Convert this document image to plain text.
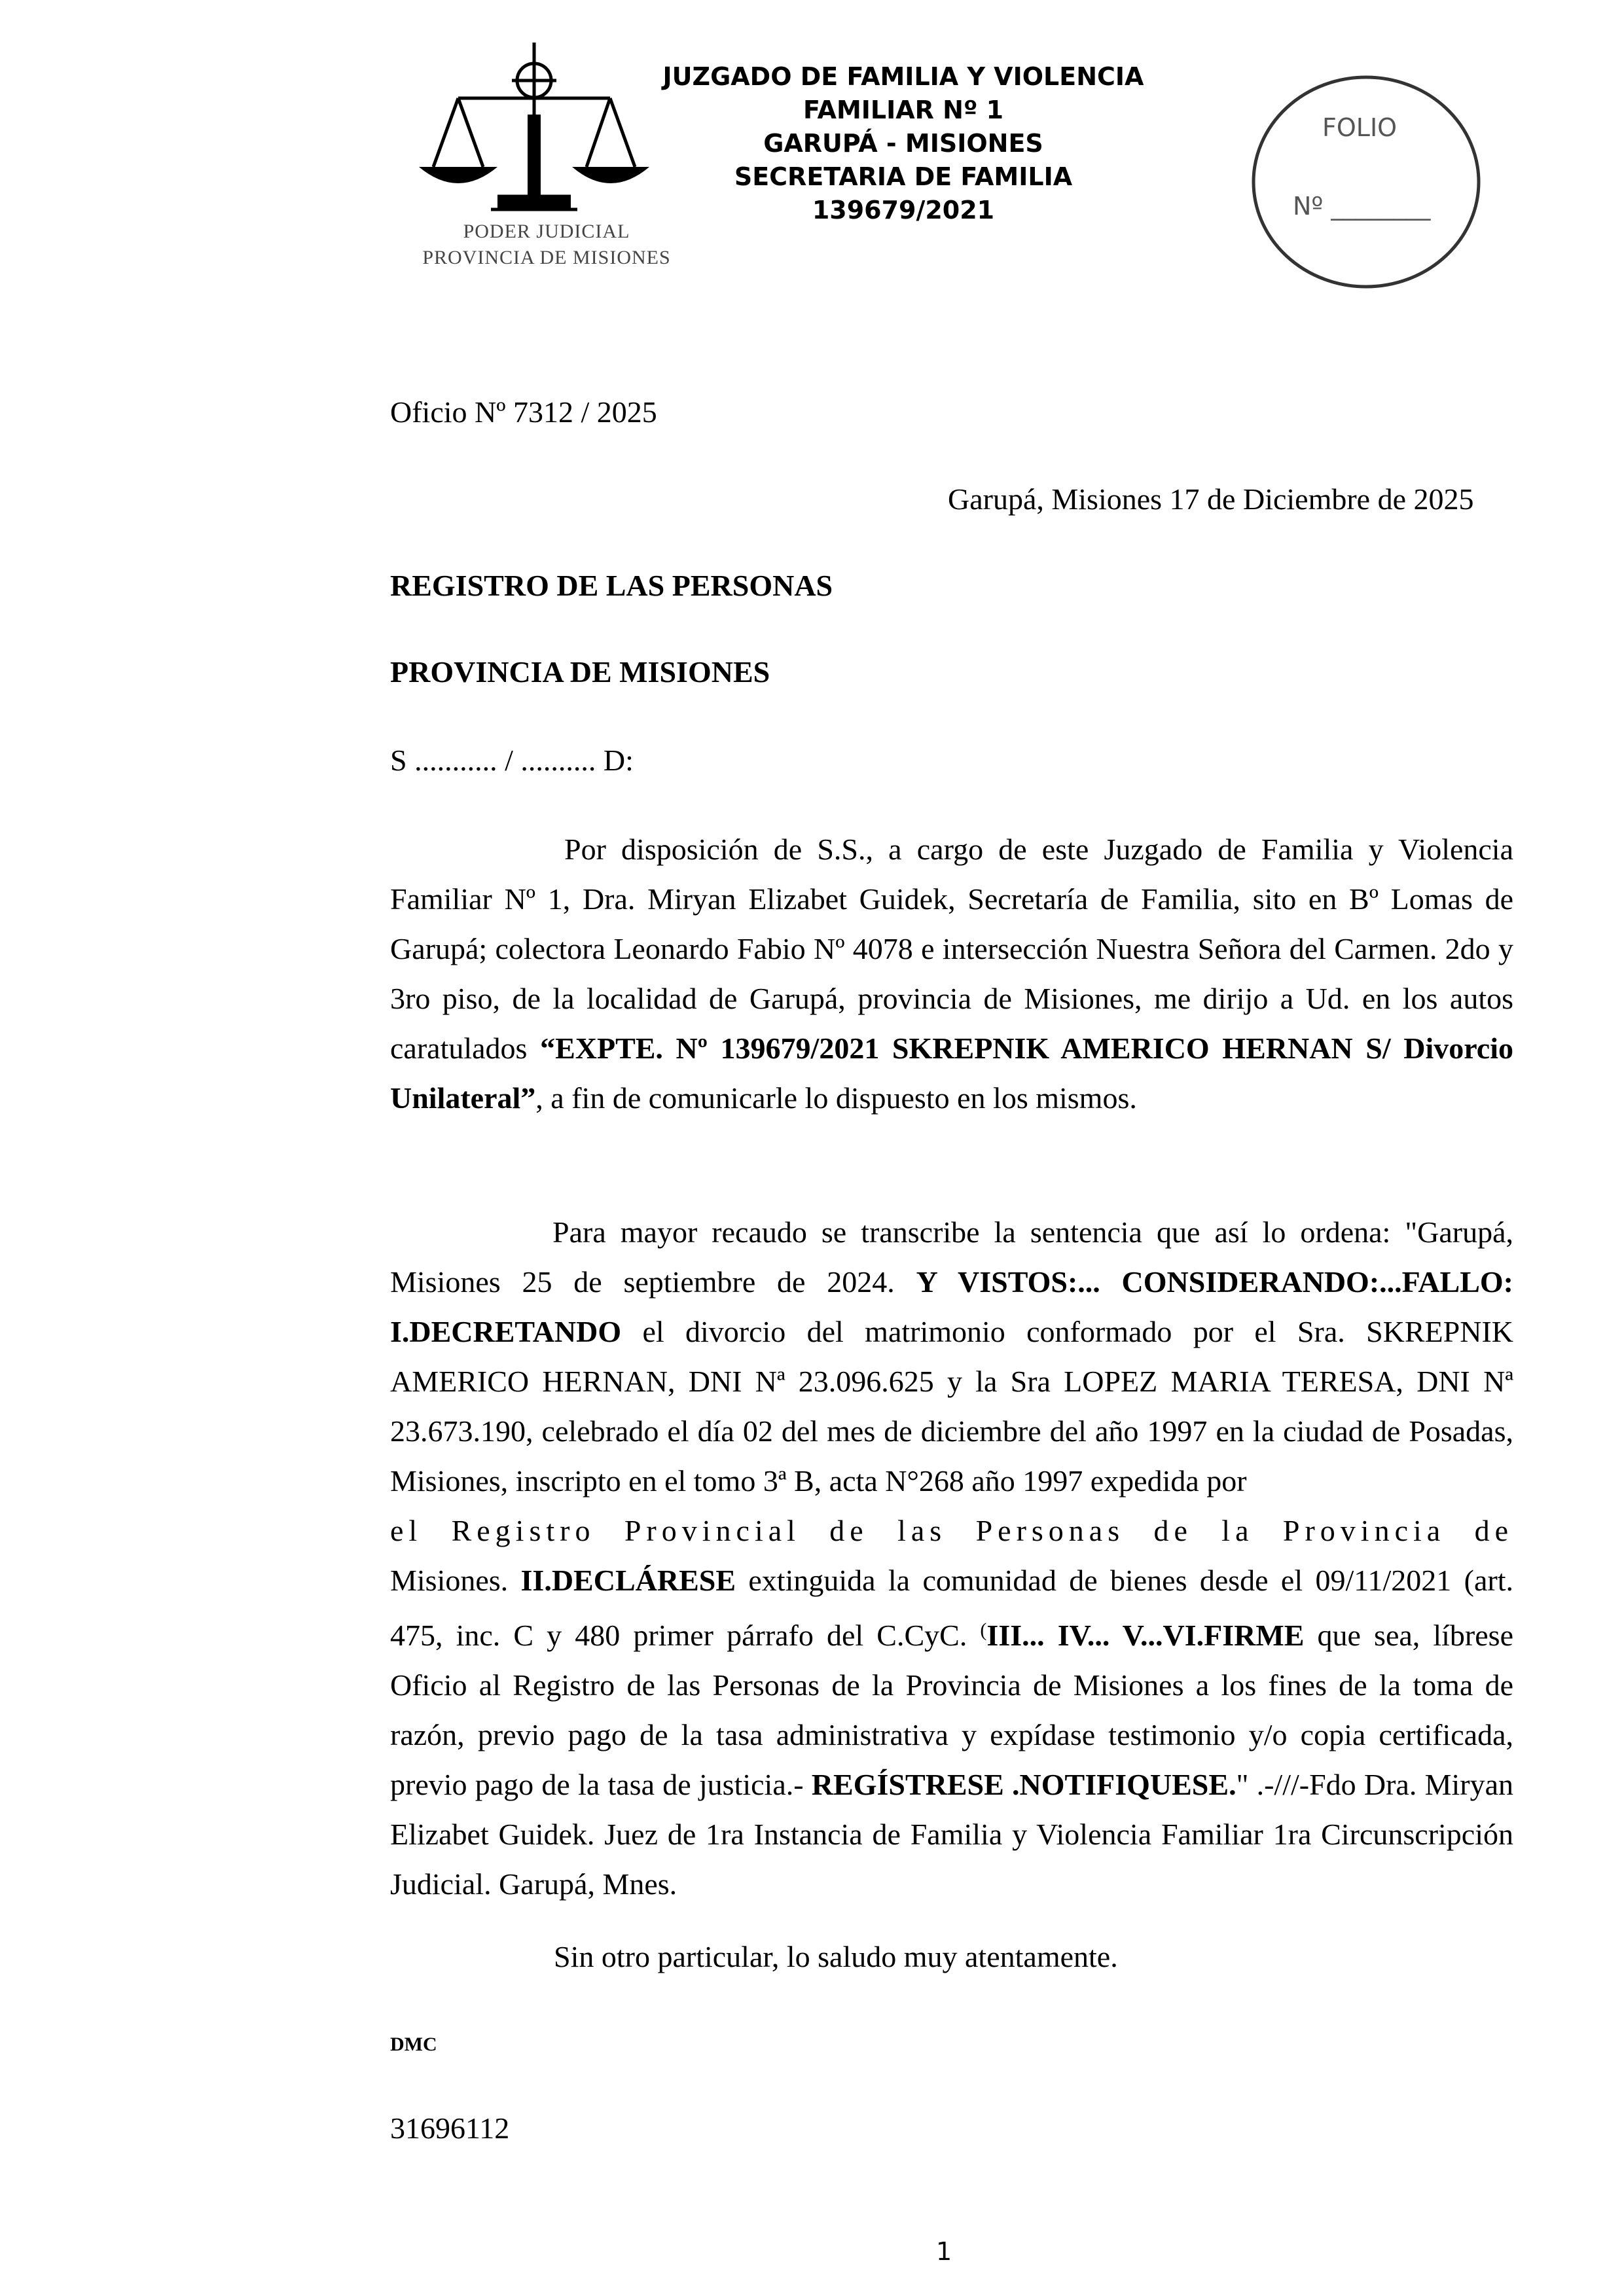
PODER JUDICIAL
PROVINCIA DE MISIONES
JUZGADO DE FAMILIA Y VIOLENCIA
FAMILIAR Nº 1
GARUPÁ - MISIONES
SECRETARIA DE FAMILIA
139679/2021
FOLIO
Nº ________
Oficio Nº 7312 / 2025
Garupá, Misiones 17 de Diciembre de 2025
REGISTRO DE LAS PERSONAS
PROVINCIA DE MISIONES
S ........... / .......... D:
Por disposición de S.S., a cargo de este Juzgado de Familia y Violencia Familiar Nº 1, Dra. Miryan Elizabet Guidek, Secretaría de Familia, sito en Bº Lomas de Garupá; colectora Leonardo Fabio Nº 4078 e intersección Nuestra Señora del Carmen. 2do y 3ro piso, de la localidad de Garupá, provincia de Misiones, me dirijo a Ud. en los autos caratulados “EXPTE. Nº 139679/2021 SKREPNIK AMERICO HERNAN S/ Divorcio Unilateral”, a fin de comunicarle lo dispuesto en los mismos.
Para mayor recaudo se transcribe la sentencia que así lo ordena: "Garupá, Misiones 25 de septiembre de 2024. Y VISTOS:... CONSIDERANDO:...FALLO: I.DECRETANDO el divorcio del matrimonio conformado por el Sra. SKREPNIK AMERICO HERNAN, DNI Nª 23.096.625 y la Sra LOPEZ MARIA TERESA, DNI Nª 23.673.190, celebrado el día 02 del mes de diciembre del año 1997 en la ciudad de Posadas, Misiones, inscripto en el tomo 3ª B, acta N°268 año 1997 expedida por
el Registro Provincial de las Personas de la Provincia de
Misiones. II.DECLÁRESE extinguida la comunidad de bienes desde el 09/11/2021 (art. 475, inc. C y 480 primer párrafo del C.CyC. (III... IV... V...VI.FIRME que sea, líbrese Oficio al Registro de las Personas de la Provincia de Misiones a los fines de la toma de razón, previo pago de la tasa administrativa y expídase testimonio y/o copia certificada, previo pago de la tasa de justicia.- REGÍSTRESE .NOTIFIQUESE." .-///-Fdo Dra. Miryan Elizabet Guidek. Juez de 1ra Instancia de Familia y Violencia Familiar 1ra Circunscripción Judicial. Garupá, Mnes.
Sin otro particular, lo saludo muy atentamente.
DMC
31696112
1
